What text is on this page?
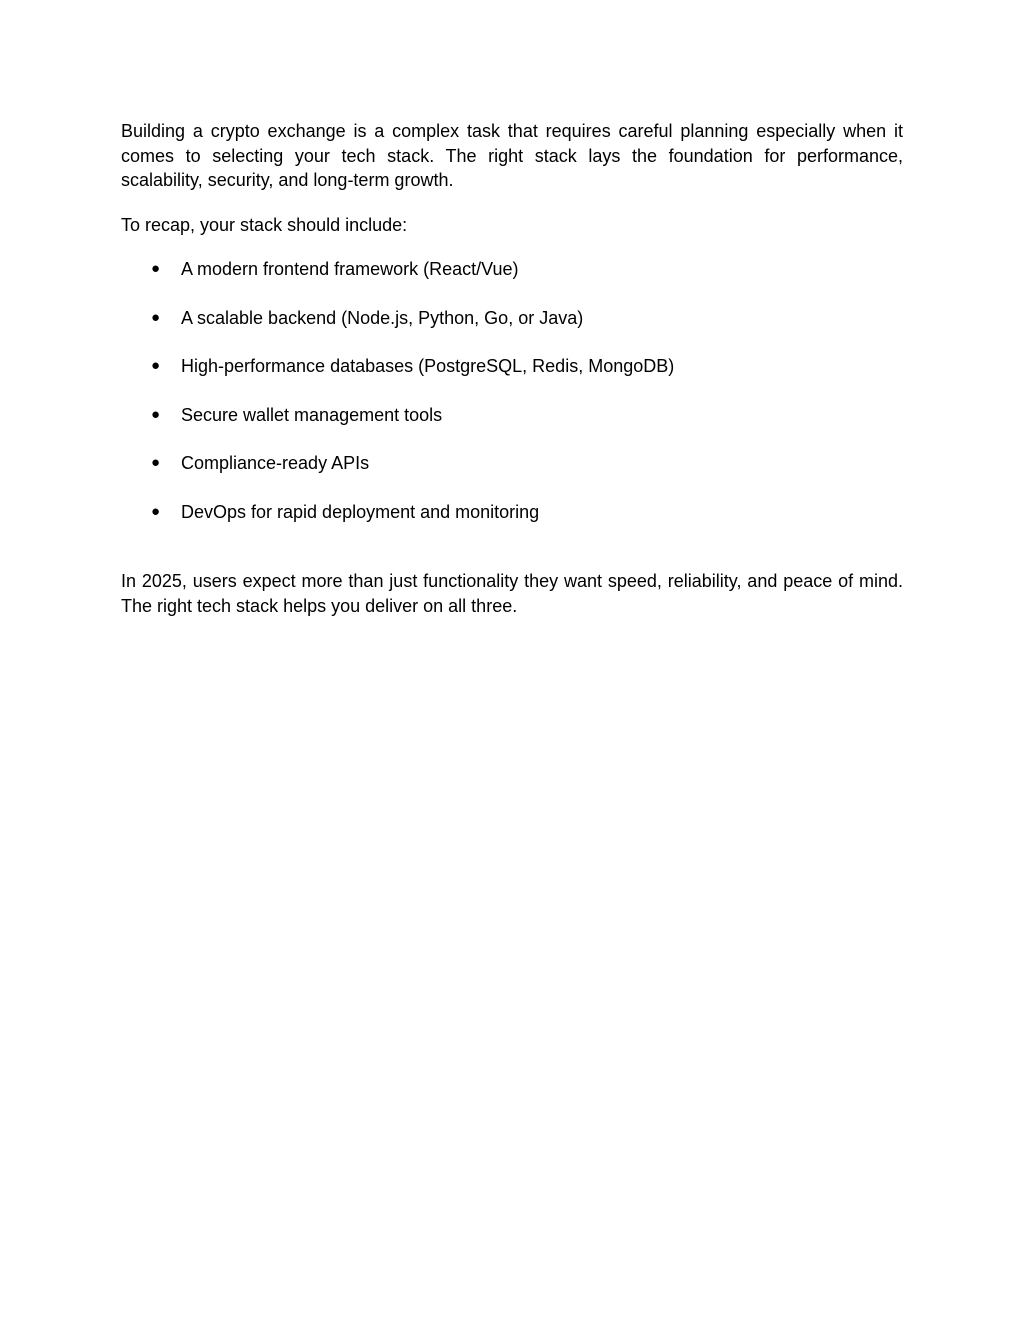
Building a crypto exchange is a complex task that requires careful planning especially when it comes to selecting your tech stack. The right stack lays the foundation for performance, scalability, security, and long-term growth.

To recap, your stack should include:

● A modern frontend framework (React/Vue)
● A scalable backend (Node.js, Python, Go, or Java)
● High-performance databases (PostgreSQL, Redis, MongoDB)
● Secure wallet management tools
● Compliance-ready APIs
● DevOps for rapid deployment and monitoring

In 2025, users expect more than just functionality they want speed, reliability, and peace of mind. The right tech stack helps you deliver on all three.
